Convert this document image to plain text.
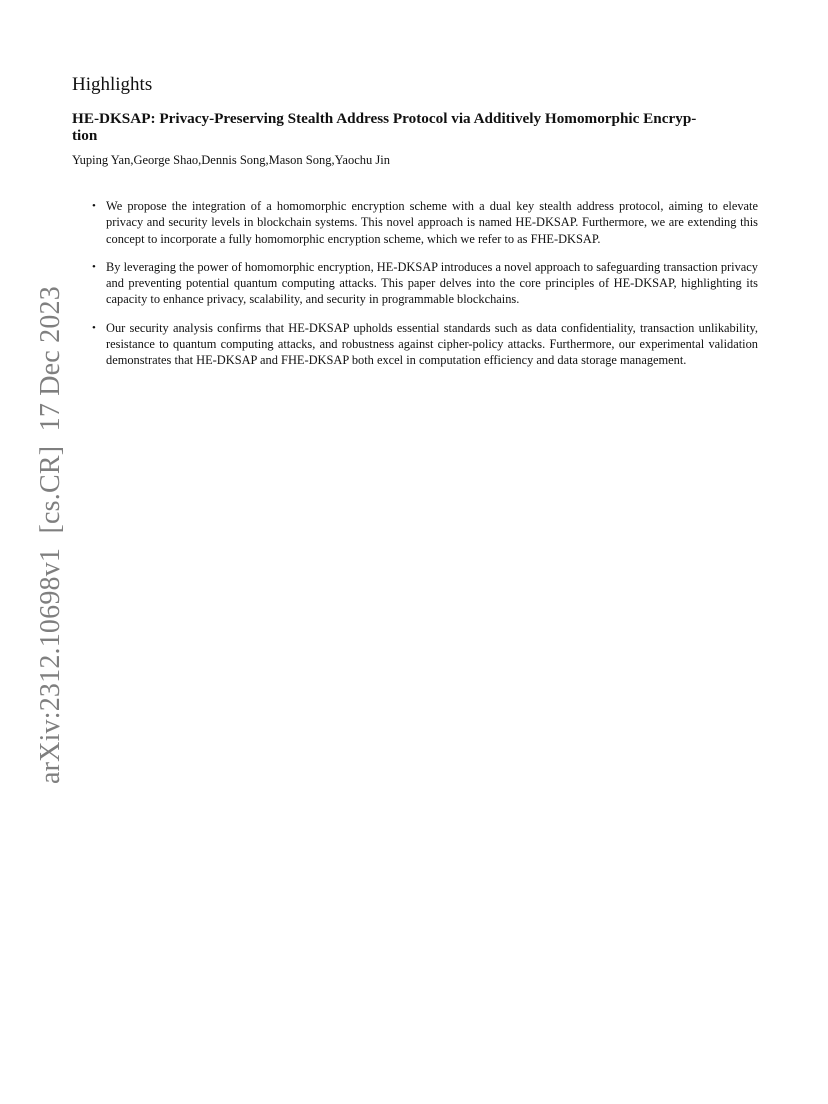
Highlights
HE-DKSAP: Privacy-Preserving Stealth Address Protocol via Additively Homomorphic Encryp-
tion
Yuping Yan,George Shao,Dennis Song,Mason Song,Yaochu Jin
• We propose the integration of a homomorphic encryption scheme with a dual key stealth address protocol, aiming to elevate privacy and security levels in blockchain systems. This novel approach is named HE-DKSAP. Furthermore, we are extending this concept to incorporate a fully homomorphic encryption scheme, which we refer to as FHE-DKSAP.
• By leveraging the power of homomorphic encryption, HE-DKSAP introduces a novel approach to safeguarding transaction privacy and preventing potential quantum computing attacks. This paper delves into the core principles of HE-DKSAP, highlighting its capacity to enhance privacy, scalability, and security in programmable blockchains.
• Our security analysis confirms that HE-DKSAP upholds essential standards such as data confidentiality, transaction unlikability, resistance to quantum computing attacks, and robustness against cipher-policy attacks. Furthermore, our experimental validation demonstrates that HE-DKSAP and FHE-DKSAP both excel in computation efficiency and data storage management.
arXiv:2312.10698v1  [cs.CR]  17 Dec 2023
